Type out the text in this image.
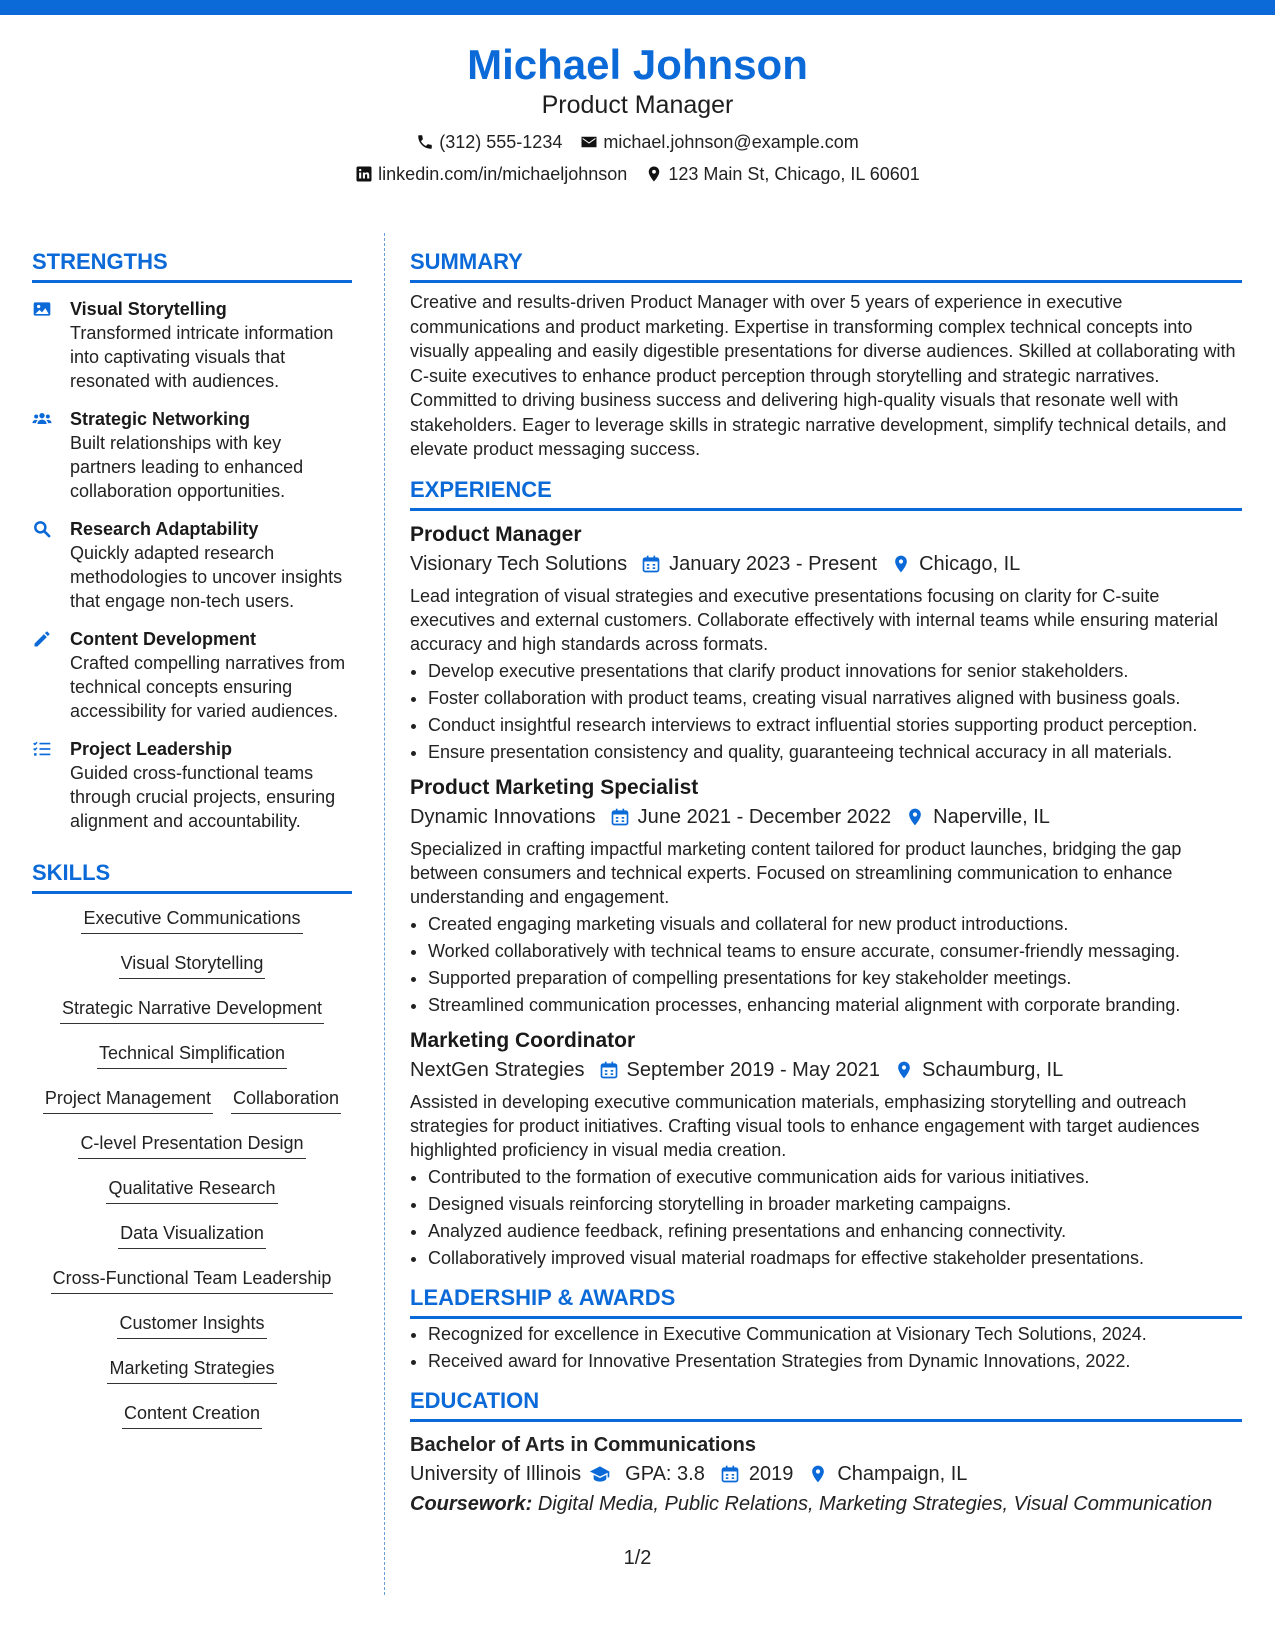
Michael Johnson
Product Manager
(312) 555-1234 michael.johnson@example.com
linkedin.com/in/michaeljohnson 123 Main St, Chicago, IL 60601
STRENGTHS
Visual Storytelling
Transformed intricate information into captivating visuals that resonated with audiences.
Strategic Networking
Built relationships with key partners leading to enhanced collaboration opportunities.
Research Adaptability
Quickly adapted research methodologies to uncover insights that engage non-tech users.
Content Development
Crafted compelling narratives from technical concepts ensuring accessibility for varied audiences.
Project Leadership
Guided cross-functional teams through crucial projects, ensuring alignment and accountability.
SKILLS
Executive Communications
Visual Storytelling
Strategic Narrative Development
Technical Simplification
Project Management Collaboration
C-level Presentation Design
Qualitative Research
Data Visualization
Cross-Functional Team Leadership
Customer Insights
Marketing Strategies
Content Creation
SUMMARY
Creative and results-driven Product Manager with over 5 years of experience in executive communications and product marketing. Expertise in transforming complex technical concepts into visually appealing and easily digestible presentations for diverse audiences. Skilled at collaborating with C-suite executives to enhance product perception through storytelling and strategic narratives. Committed to driving business success and delivering high-quality visuals that resonate well with stakeholders. Eager to leverage skills in strategic narrative development, simplify technical details, and elevate product messaging success.
EXPERIENCE
Product Manager
Visionary Tech Solutions January 2023 - Present Chicago, IL
Lead integration of visual strategies and executive presentations focusing on clarity for C-suite executives and external customers. Collaborate effectively with internal teams while ensuring material accuracy and high standards across formats.
• Develop executive presentations that clarify product innovations for senior stakeholders.
• Foster collaboration with product teams, creating visual narratives aligned with business goals.
• Conduct insightful research interviews to extract influential stories supporting product perception.
• Ensure presentation consistency and quality, guaranteeing technical accuracy in all materials.
Product Marketing Specialist
Dynamic Innovations June 2021 - December 2022 Naperville, IL
Specialized in crafting impactful marketing content tailored for product launches, bridging the gap between consumers and technical experts. Focused on streamlining communication to enhance understanding and engagement.
• Created engaging marketing visuals and collateral for new product introductions.
• Worked collaboratively with technical teams to ensure accurate, consumer-friendly messaging.
• Supported preparation of compelling presentations for key stakeholder meetings.
• Streamlined communication processes, enhancing material alignment with corporate branding.
Marketing Coordinator
NextGen Strategies September 2019 - May 2021 Schaumburg, IL
Assisted in developing executive communication materials, emphasizing storytelling and outreach strategies for product initiatives. Crafting visual tools to enhance engagement with target audiences highlighted proficiency in visual media creation.
• Contributed to the formation of executive communication aids for various initiatives.
• Designed visuals reinforcing storytelling in broader marketing campaigns.
• Analyzed audience feedback, refining presentations and enhancing connectivity.
• Collaboratively improved visual material roadmaps for effective stakeholder presentations.
LEADERSHIP & AWARDS
• Recognized for excellence in Executive Communication at Visionary Tech Solutions, 2024.
• Received award for Innovative Presentation Strategies from Dynamic Innovations, 2022.
EDUCATION
Bachelor of Arts in Communications
University of Illinois GPA: 3.8 2019 Champaign, IL
Coursework: Digital Media, Public Relations, Marketing Strategies, Visual Communication
1/2
